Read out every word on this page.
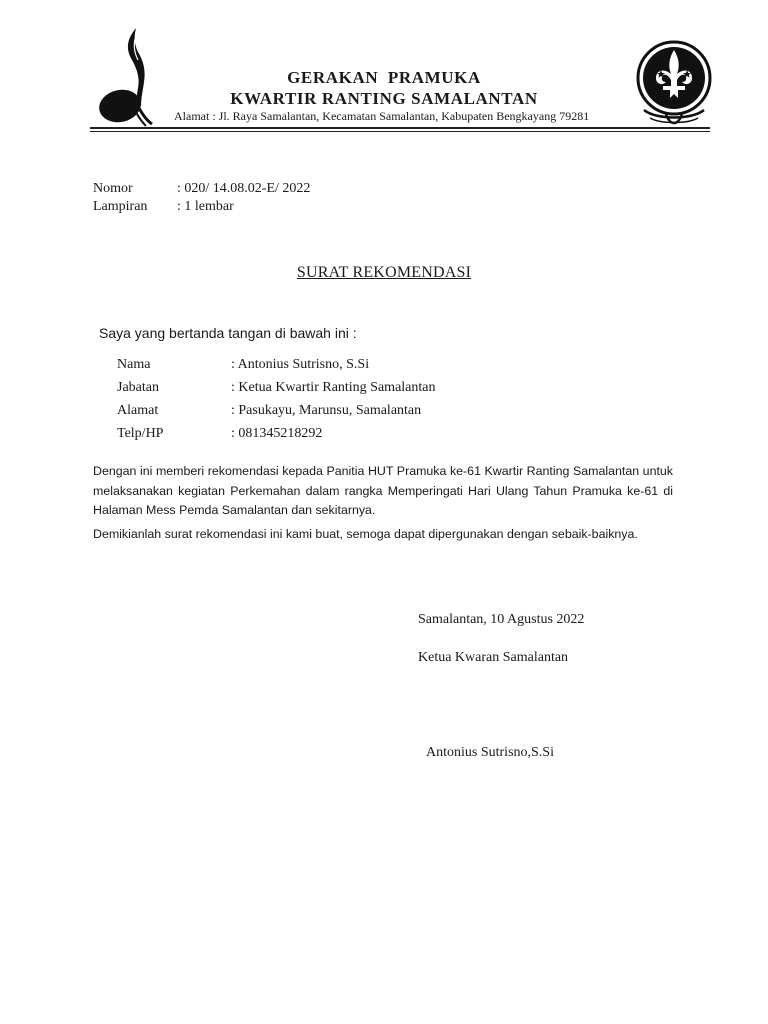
GERAKAN  PRAMUKA
KWARTIR RANTING SAMALANTAN
Alamat : Jl. Raya Samalantan, Kecamatan Samalantan, Kabupaten Bengkayang 79281
Nomor	: 020/ 14.08.02-E/ 2022
Lampiran	: 1 lembar
SURAT REKOMENDASI
Saya yang bertanda tangan di bawah ini :
Nama	: Antonius Sutrisno, S.Si
Jabatan	: Ketua Kwartir Ranting Samalantan
Alamat	: Pasukayu, Marunsu, Samalantan
Telp/HP	: 081345218292
Dengan ini memberi rekomendasi kepada Panitia HUT Pramuka ke-61 Kwartir Ranting Samalantan untuk melaksanakan kegiatan Perkemahan dalam rangka Memperingati Hari Ulang Tahun Pramuka ke-61 di Halaman Mess Pemda Samalantan dan sekitarnya.
Demikianlah surat rekomendasi ini kami buat, semoga dapat dipergunakan dengan sebaik-baiknya.
Samalantan, 10 Agustus 2022
Ketua Kwaran Samalantan
Antonius Sutrisno,S.Si
